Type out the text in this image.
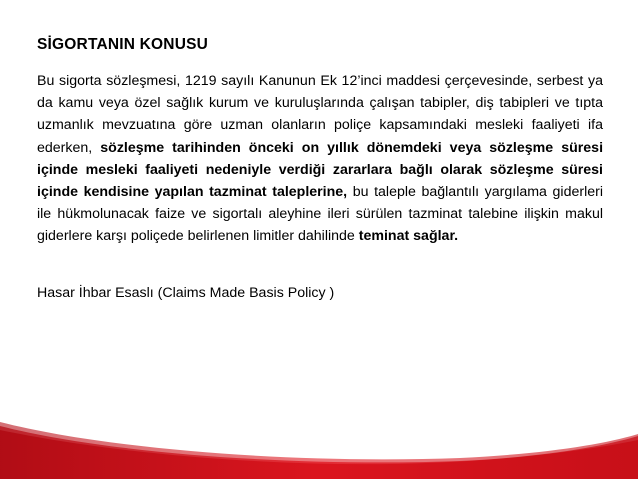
SİGORTANIN KONUSU
Bu sigorta sözleşmesi, 1219 sayılı Kanunun Ek 12’inci maddesi çerçevesinde, serbest ya da kamu veya özel sağlık kurum ve kuruluşlarında çalışan tabipler, diş tabipleri ve tıpta uzmanlık mevzuatına göre uzman olanların poliçe kapsamındaki mesleki faaliyeti ifa ederken, sözleşme tarihinden önceki on yıllık dönemdeki veya sözleşme süresi içinde mesleki faaliyeti nedeniyle verdiği zararlara bağlı olarak sözleşme süresi içinde kendisine yapılan tazminat taleplerine, bu taleple bağlantılı yargılama giderleri ile hükmolunacak faize ve sigortalı aleyhine ileri sürülen tazminat talebine ilişkin makul giderlere karşı poliçede belirlenen limitler dahilinde teminat sağlar.
Hasar İhbar Esaslı (Claims Made Basis Policy )
